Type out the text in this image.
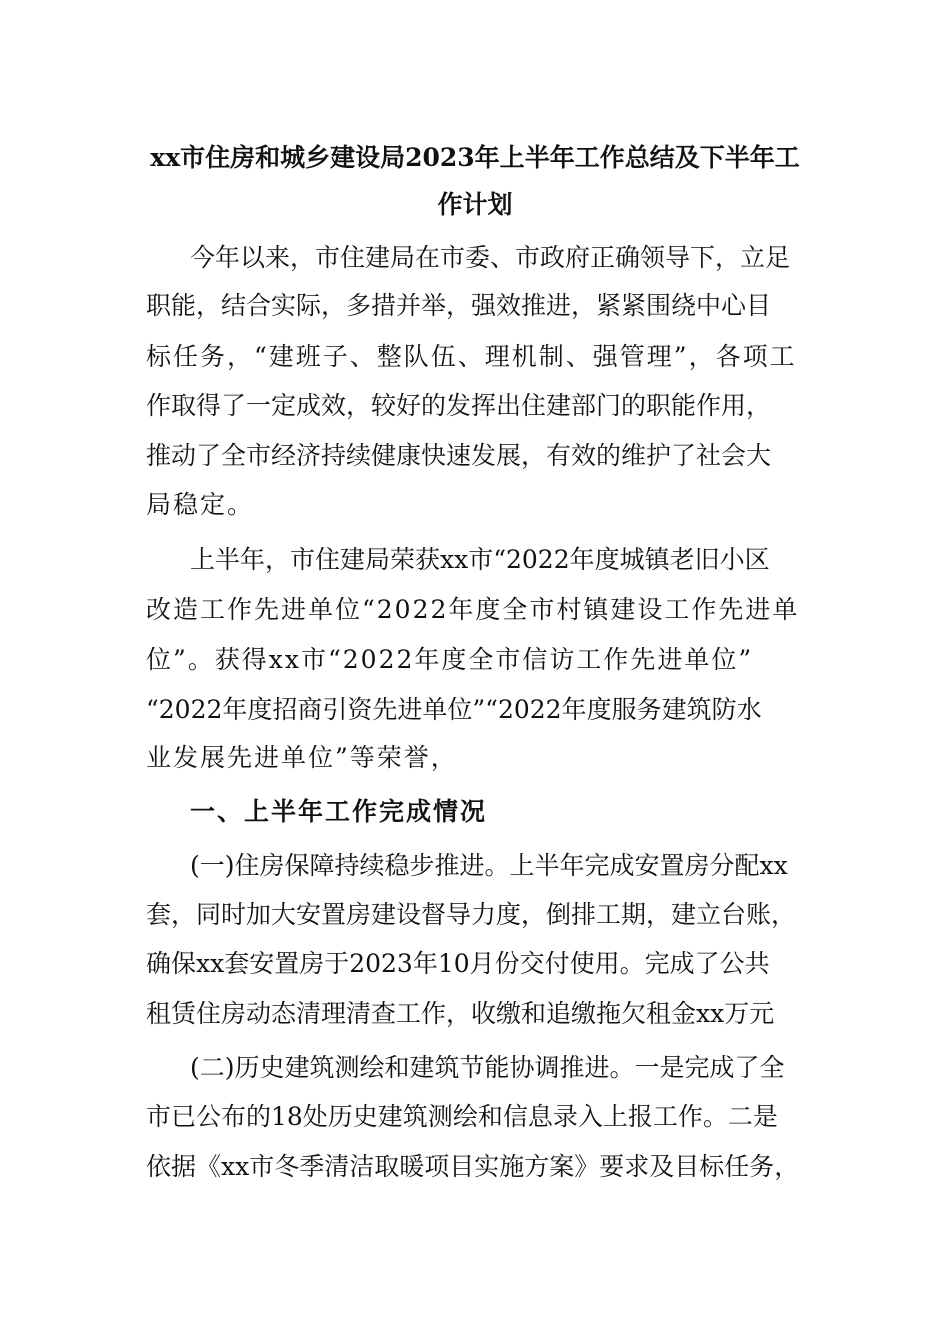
xx市住房和城乡建设局2023年上半年工作总结及下半年工
作计划
今年以来，市住建局在市委、市政府正确领导下，立足
职能，结合实际，多措并举，强效推进，紧紧围绕中心目
标任务，“建班子、整队伍、理机制、强管理”，各项工
作取得了一定成效，较好的发挥出住建部门的职能作用，
推动了全市经济持续健康快速发展，有效的维护了社会大
局稳定。
上半年，市住建局荣获xx市“2022年度城镇老旧小区
改造工作先进单位“2022年度全市村镇建设工作先进单
位”。获得xx市“2022年度全市信访工作先进单位”
“2022年度招商引资先进单位”“2022年度服务建筑防水
业发展先进单位”等荣誉，
一、上半年工作完成情况
(一)住房保障持续稳步推进。上半年完成安置房分配xx
套，同时加大安置房建设督导力度，倒排工期，建立台账，
确保xx套安置房于2023年10月份交付使用。完成了公共
租赁住房动态清理清查工作，收缴和追缴拖欠租金xx万元
(二)历史建筑测绘和建筑节能协调推进。一是完成了全
市已公布的18处历史建筑测绘和信息录入上报工作。二是
依据《xx市冬季清洁取暖项目实施方案》要求及目标任务，
